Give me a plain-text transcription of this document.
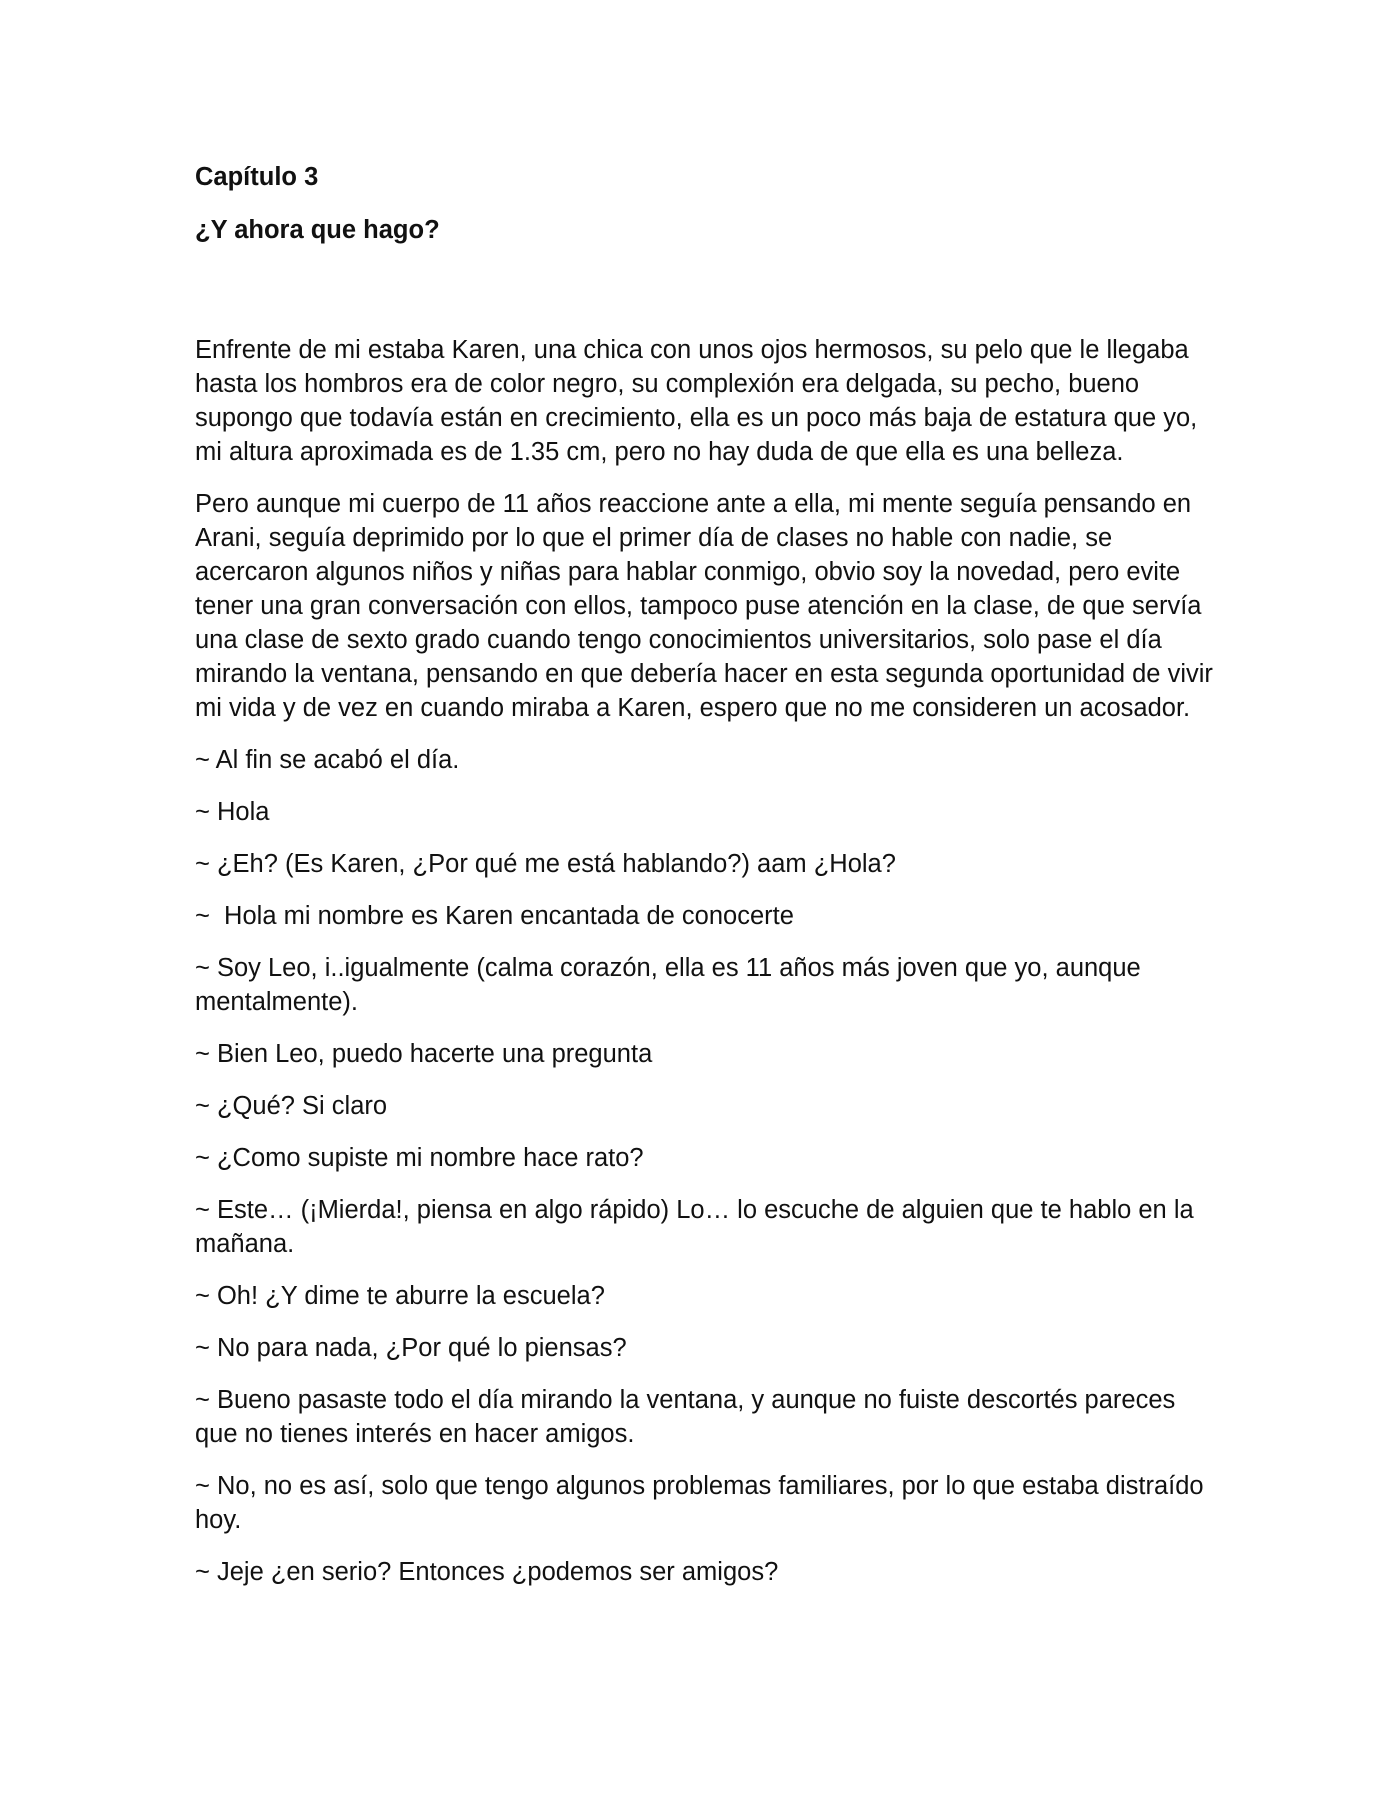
Capítulo 3
¿Y ahora que hago?

Enfrente de mi estaba Karen, una chica con unos ojos hermosos, su pelo que le llegaba hasta los hombros era de color negro, su complexión era delgada, su pecho, bueno supongo que todavía están en crecimiento, ella es un poco más baja de estatura que yo, mi altura aproximada es de 1.35 cm, pero no hay duda de que ella es una belleza.

Pero aunque mi cuerpo de 11 años reaccione ante a ella, mi mente seguía pensando en Arani, seguía deprimido por lo que el primer día de clases no hable con nadie, se acercaron algunos niños y niñas para hablar conmigo, obvio soy la novedad, pero evite tener una gran conversación con ellos, tampoco puse atención en la clase, de que servía una clase de sexto grado cuando tengo conocimientos universitarios, solo pase el día mirando la ventana, pensando en que debería hacer en esta segunda oportunidad de vivir mi vida y de vez en cuando miraba a Karen, espero que no me consideren un acosador.

~ Al fin se acabó el día.

~ Hola

~ ¿Eh? (Es Karen, ¿Por qué me está hablando?) aam ¿Hola?

~  Hola mi nombre es Karen encantada de conocerte

~ Soy Leo, i..igualmente (calma corazón, ella es 11 años más joven que yo, aunque mentalmente).

~ Bien Leo, puedo hacerte una pregunta

~ ¿Qué? Si claro

~ ¿Como supiste mi nombre hace rato?

~ Este… (¡Mierda!, piensa en algo rápido) Lo… lo escuche de alguien que te hablo en la mañana.

~ Oh! ¿Y dime te aburre la escuela?

~ No para nada, ¿Por qué lo piensas?

~ Bueno pasaste todo el día mirando la ventana, y aunque no fuiste descortés pareces que no tienes interés en hacer amigos.

~ No, no es así, solo que tengo algunos problemas familiares, por lo que estaba distraído hoy.

~ Jeje ¿en serio? Entonces ¿podemos ser amigos?
